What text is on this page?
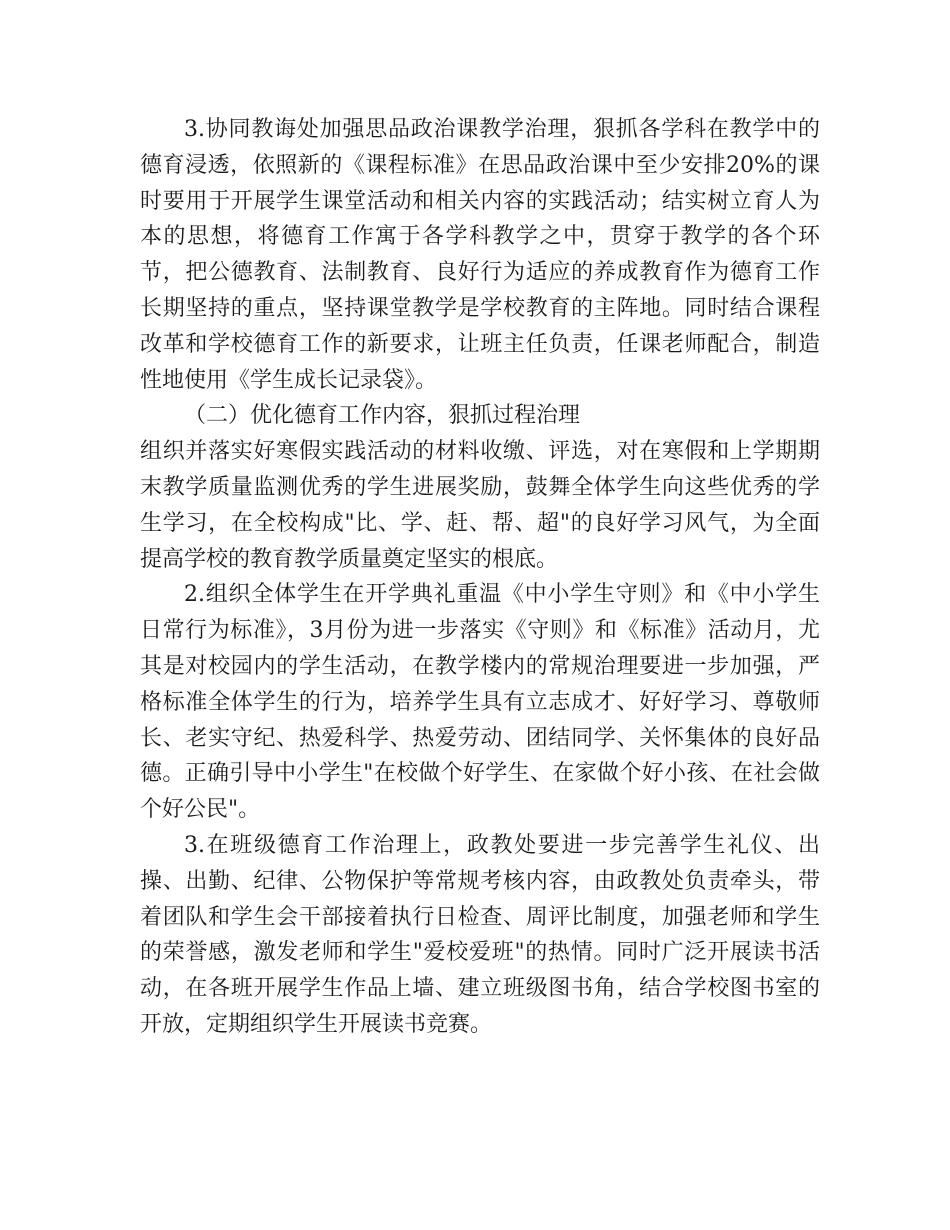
3.协同教诲处加强思品政治课教学治理，狠抓各学科在教学中的德育浸透，依照新的《课程标准》在思品政治课中至少安排20%的课时要用于开展学生课堂活动和相关内容的实践活动；结实树立育人为本的思想，将德育工作寓于各学科教学之中，贯穿于教学的各个环节，把公德教育、法制教育、良好行为适应的养成教育作为德育工作长期坚持的重点，坚持课堂教学是学校教育的主阵地。同时结合课程改革和学校德育工作的新要求，让班主任负责，任课老师配合，制造性地使用《学生成长记录袋》。

（二）优化德育工作内容，狠抓过程治理

组织并落实好寒假实践活动的材料收缴、评选，对在寒假和上学期期末教学质量监测优秀的学生进展奖励，鼓舞全体学生向这些优秀的学生学习，在全校构成"比、学、赶、帮、超"的良好学习风气，为全面提高学校的教育教学质量奠定坚实的根底。

2.组织全体学生在开学典礼重温《中小学生守则》和《中小学生日常行为标准》，3月份为进一步落实《守则》和《标准》活动月，尤其是对校园内的学生活动，在教学楼内的常规治理要进一步加强，严格标准全体学生的行为，培养学生具有立志成才、好好学习、尊敬师长、老实守纪、热爱科学、热爱劳动、团结同学、关怀集体的良好品德。正确引导中小学生"在校做个好学生、在家做个好小孩、在社会做个好公民"。

3.在班级德育工作治理上，政教处要进一步完善学生礼仪、出操、出勤、纪律、公物保护等常规考核内容，由政教处负责牵头，带着团队和学生会干部接着执行日检查、周评比制度，加强老师和学生的荣誉感，激发老师和学生"爱校爱班"的热情。同时广泛开展读书活动，在各班开展学生作品上墙、建立班级图书角，结合学校图书室的开放，定期组织学生开展读书竞赛。
